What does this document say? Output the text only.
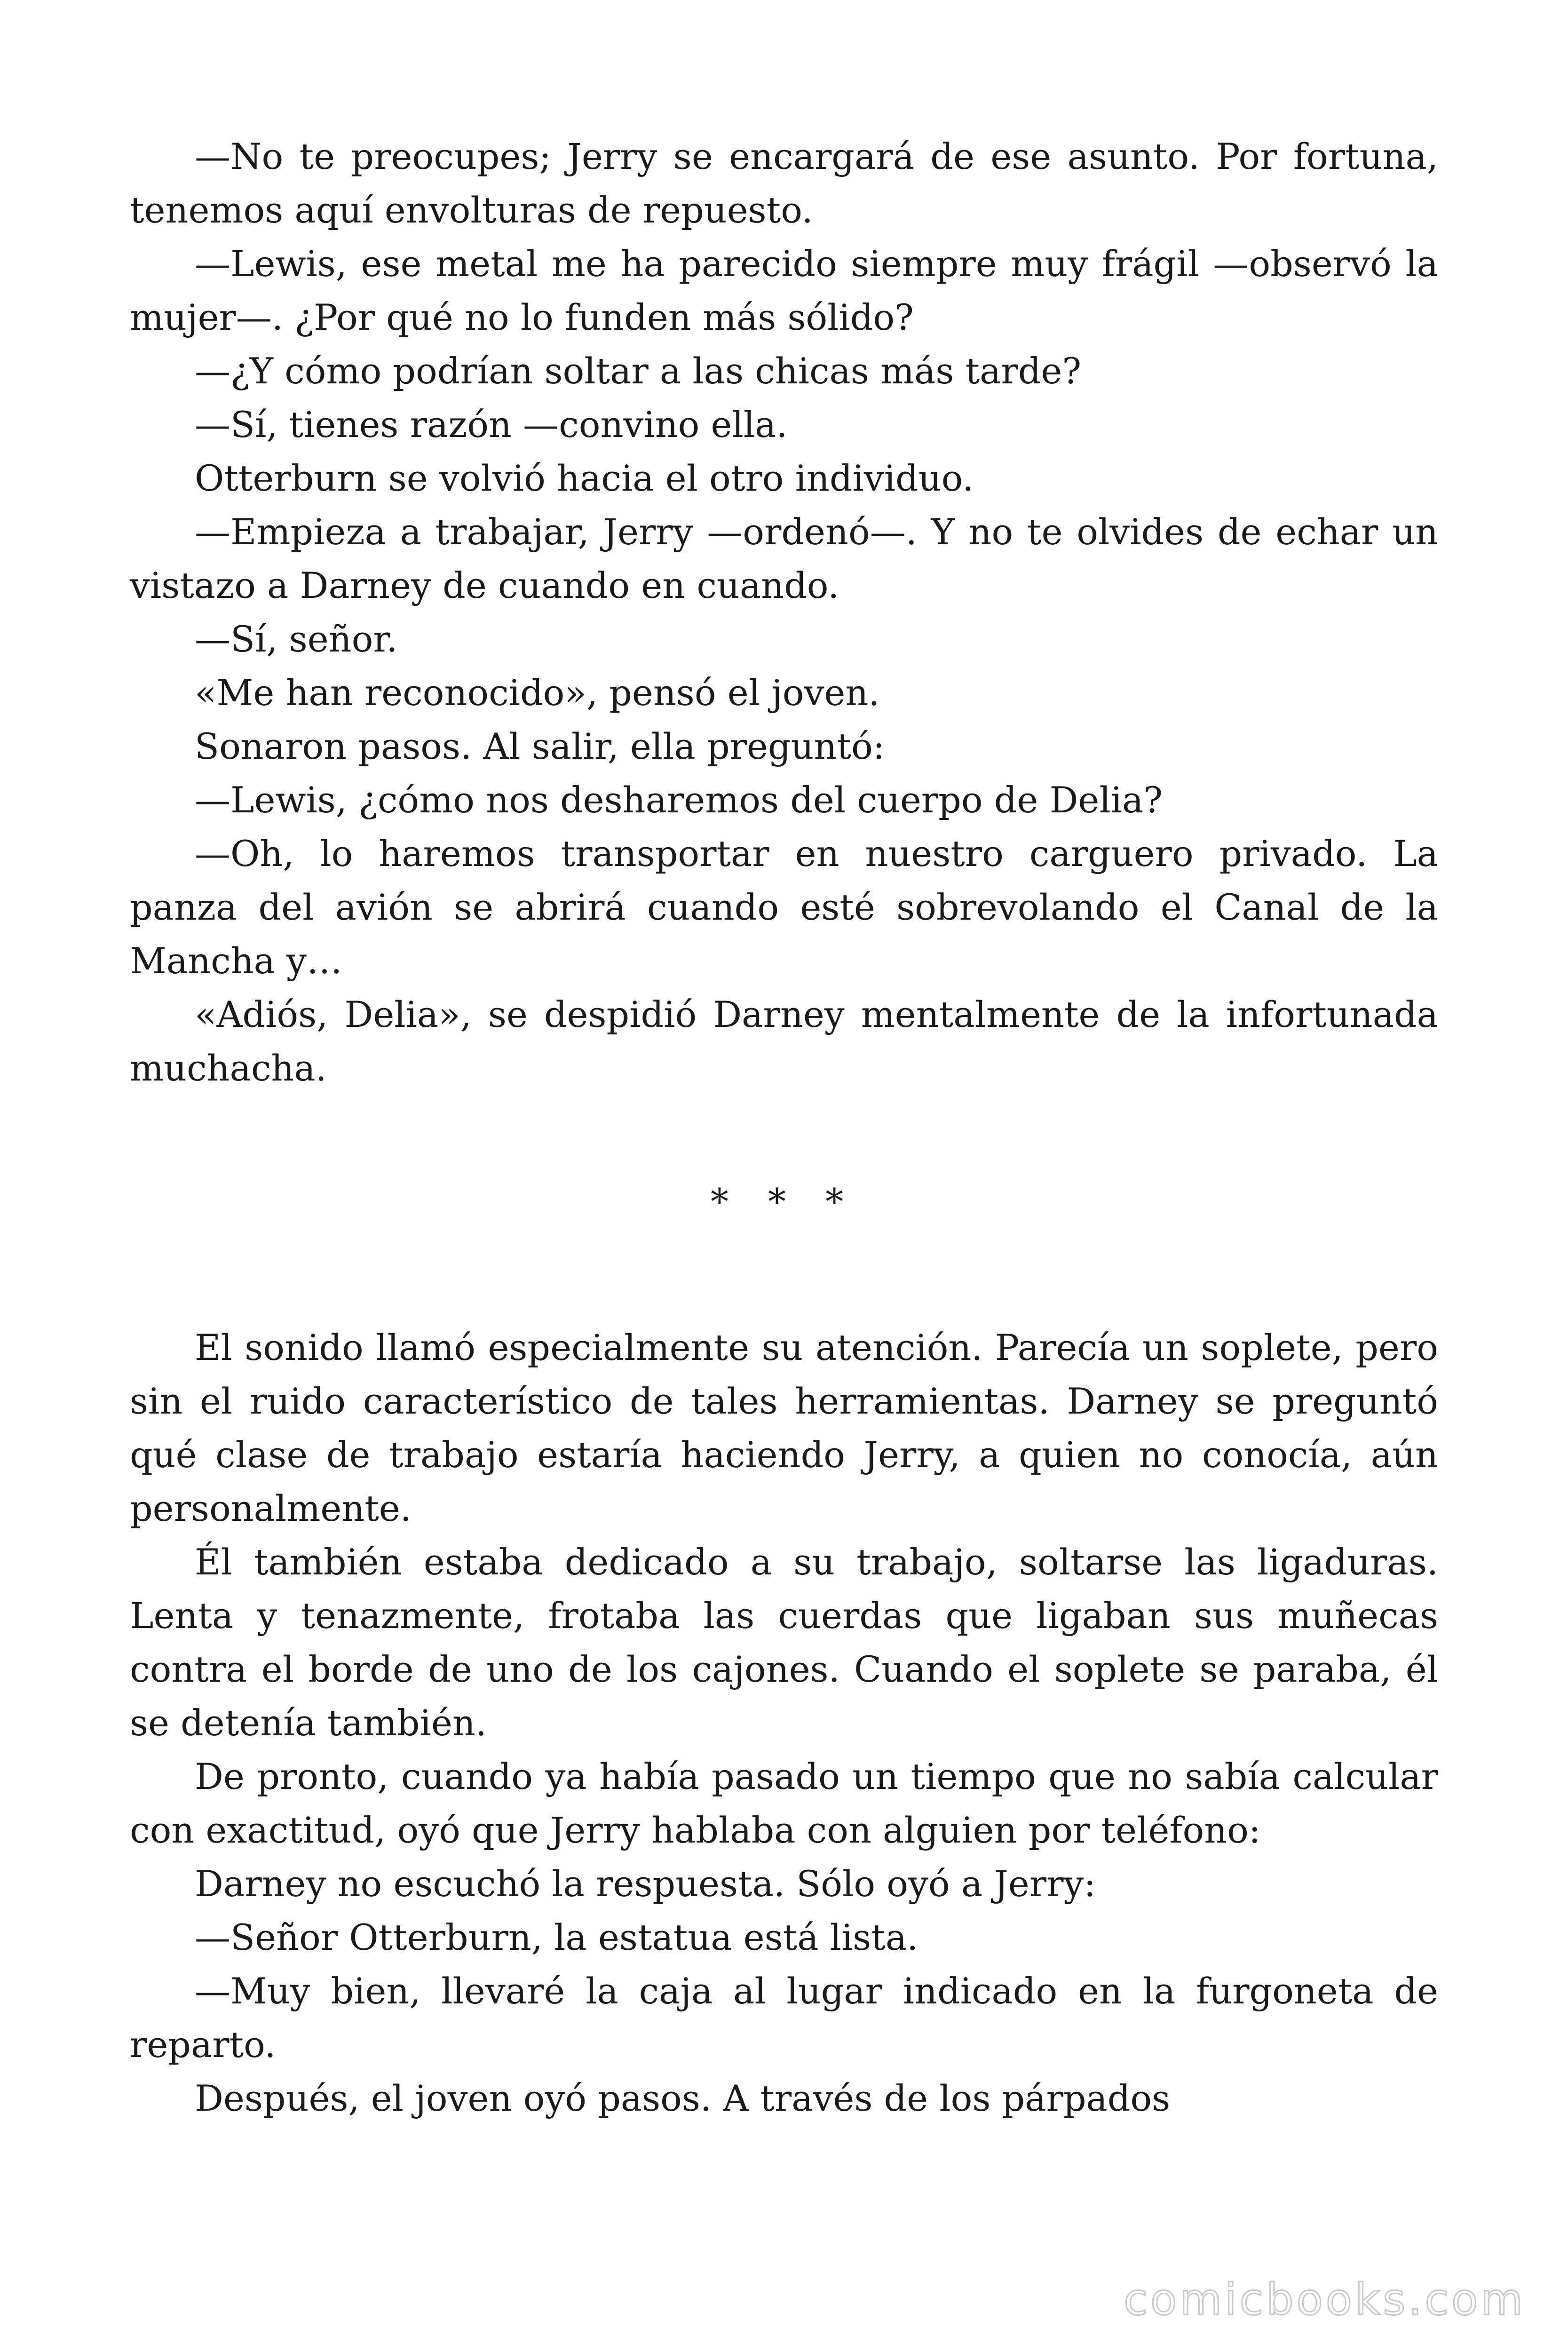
—No te preocupes; Jerry se encargará de ese asunto. Por fortuna, tenemos aquí envolturas de repuesto.

—Lewis, ese metal me ha parecido siempre muy frágil —observó la mujer—. ¿Por qué no lo funden más sólido?

—¿Y cómo podrían soltar a las chicas más tarde?

—Sí, tienes razón —convino ella.

Otterburn se volvió hacia el otro individuo.

—Empieza a trabajar, Jerry —ordenó—. Y no te olvides de echar un vistazo a Darney de cuando en cuando.

—Sí, señor.

«Me han reconocido», pensó el joven.

Sonaron pasos. Al salir, ella preguntó:

—Lewis, ¿cómo nos desharemos del cuerpo de Delia?

—Oh, lo haremos transportar en nuestro carguero privado. La panza del avión se abrirá cuando esté sobrevolando el Canal de la Mancha y…

«Adiós, Delia», se despidió Darney mentalmente de la infortunada muchacha.

* * *

El sonido llamó especialmente su atención. Parecía un soplete, pero sin el ruido característico de tales herramientas. Darney se preguntó qué clase de trabajo estaría haciendo Jerry, a quien no conocía, aún personalmente.

Él también estaba dedicado a su trabajo, soltarse las ligaduras. Lenta y tenazmente, frotaba las cuerdas que ligaban sus muñecas contra el borde de uno de los cajones. Cuando el soplete se paraba, él se detenía también.

De pronto, cuando ya había pasado un tiempo que no sabía calcular con exactitud, oyó que Jerry hablaba con alguien por teléfono:

Darney no escuchó la respuesta. Sólo oyó a Jerry:

—Señor Otterburn, la estatua está lista.

—Muy bien, llevaré la caja al lugar indicado en la furgoneta de reparto.

Después, el joven oyó pasos. A través de los párpados

comicbooks.com
